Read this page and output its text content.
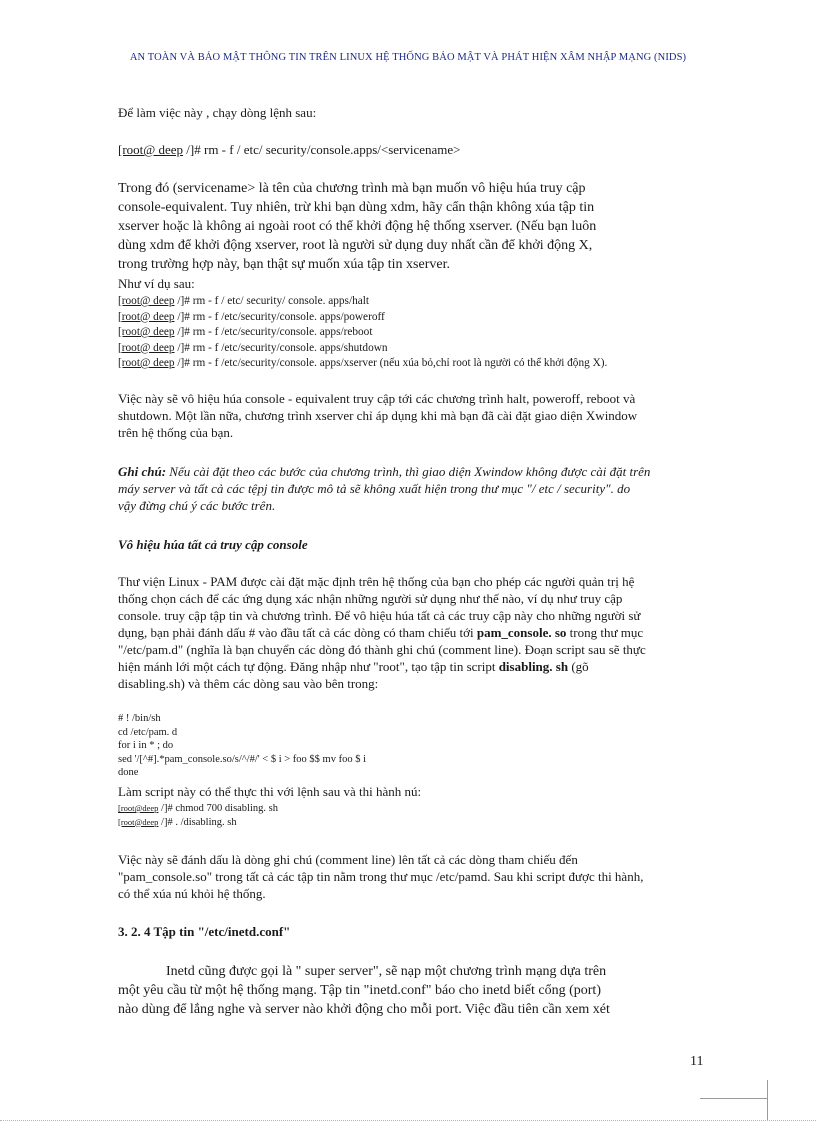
AN TOÀN VÀ BẢO MẬT THÔNG TIN TRÊN LINUX HỆ THỐNG BẢO MẬT VÀ PHÁT HIỆN XÂM NHẬP MẠNG (NIDS)
Để làm việc này , chạy dòng lệnh sau:
[root@ deep /]# rm - f / etc/ security/console.apps/<servicename>
Trong đó (servicename> là tên của chương trình mà bạn muốn vô hiệu húa truy cập
console-equivalent. Tuy nhiên, trừ khi bạn dùng xdm, hãy cẩn thận không xúa tập tin
xserver hoặc là không ai ngoài root có thể khởi động hệ thống xserver. (Nếu bạn luôn
dùng xdm để khởi động xserver, root là người sử dụng duy nhất cần để khởi động X,
trong trường hợp này, bạn thật sự muốn xúa tập tin xserver.
Như ví dụ sau:
[root@ deep /]# rm - f / etc/ security/ console. apps/halt
[root@ deep /]# rm - f /etc/security/console. apps/poweroff
[root@ deep /]# rm - f /etc/security/console. apps/reboot
[root@ deep /]# rm - f /etc/security/console. apps/shutdown
[root@ deep /]# rm - f /etc/security/console. apps/xserver (nếu xúa bỏ,chỉ root là người có thể khởi động X).
Việc này sẽ vô hiệu húa console - equivalent truy cập tới các chương trình halt, poweroff, reboot và
shutdown. Một lần nữa, chương trình xserver chỉ áp dụng khi mà bạn đã cài đặt giao diện Xwindow
trên hệ thống của bạn.
Ghi chú: Nếu cài đặt theo các bước của chương trình, thì giao diện Xwindow không được cài đặt trên
máy server và tất cả các tệpj tin được mô tả sẽ không xuất hiện trong thư mục "/ etc / security". do
vậy đừng chú ý các bước trên.
Vô hiệu húa tất cả truy cập console
Thư viện Linux - PAM được cài đặt mặc định trên hệ thống của bạn cho phép các người quản trị hệ
thống chọn cách để các ứng dụng xác nhận những người sử dụng như thế nào, ví dụ như truy cập
console. truy cập tập tin và chương trình. Để vô hiệu húa tất cả các truy cập này cho những người sử
dụng, bạn phải đánh dấu # vào đầu tất cả các dòng có tham chiếu tới pam_console. so trong thư mục
"/etc/pam.d" (nghĩa là bạn chuyển các dòng đó thành ghi chú (comment line). Đoạn script sau sẽ thực
hiện mánh lới một cách tự động. Đăng nhập như "root", tạo tập tin script disabling. sh (gõ
disabling.sh) và thêm các dòng sau vào bên trong:
# ! /bin/sh
cd /etc/pam. d
for i in * ; do
sed '/[^#].*pam_console.so/s/^/#/' < $ i > foo $$ mv foo $ i
done
Làm script này có thể thực thi với lệnh sau và thi hành nú:
[root@deep /]# chmod 700 disabling. sh
[root@deep /]# . /disabling. sh
Việc này sẽ đánh dấu là dòng ghi chú (comment line) lên tất cả các dòng tham chiếu đến
"pam_console.so" trong tất cả các tập tin nằm trong thư mục /etc/pamd. Sau khi script được thi hành,
có thể xúa nú khỏi hệ thống.
3. 2. 4 Tập tin "/etc/inetd.conf"
Inetd cũng được gọi là " super server", sẽ nạp một chương trình mạng dựa trên
một yêu cầu từ một hệ thống mạng. Tập tin "inetd.conf" báo cho inetd biết cổng (port)
nào dùng để lắng nghe và server nào khởi động cho mỗi port. Việc đầu tiên cần xem xét
11
